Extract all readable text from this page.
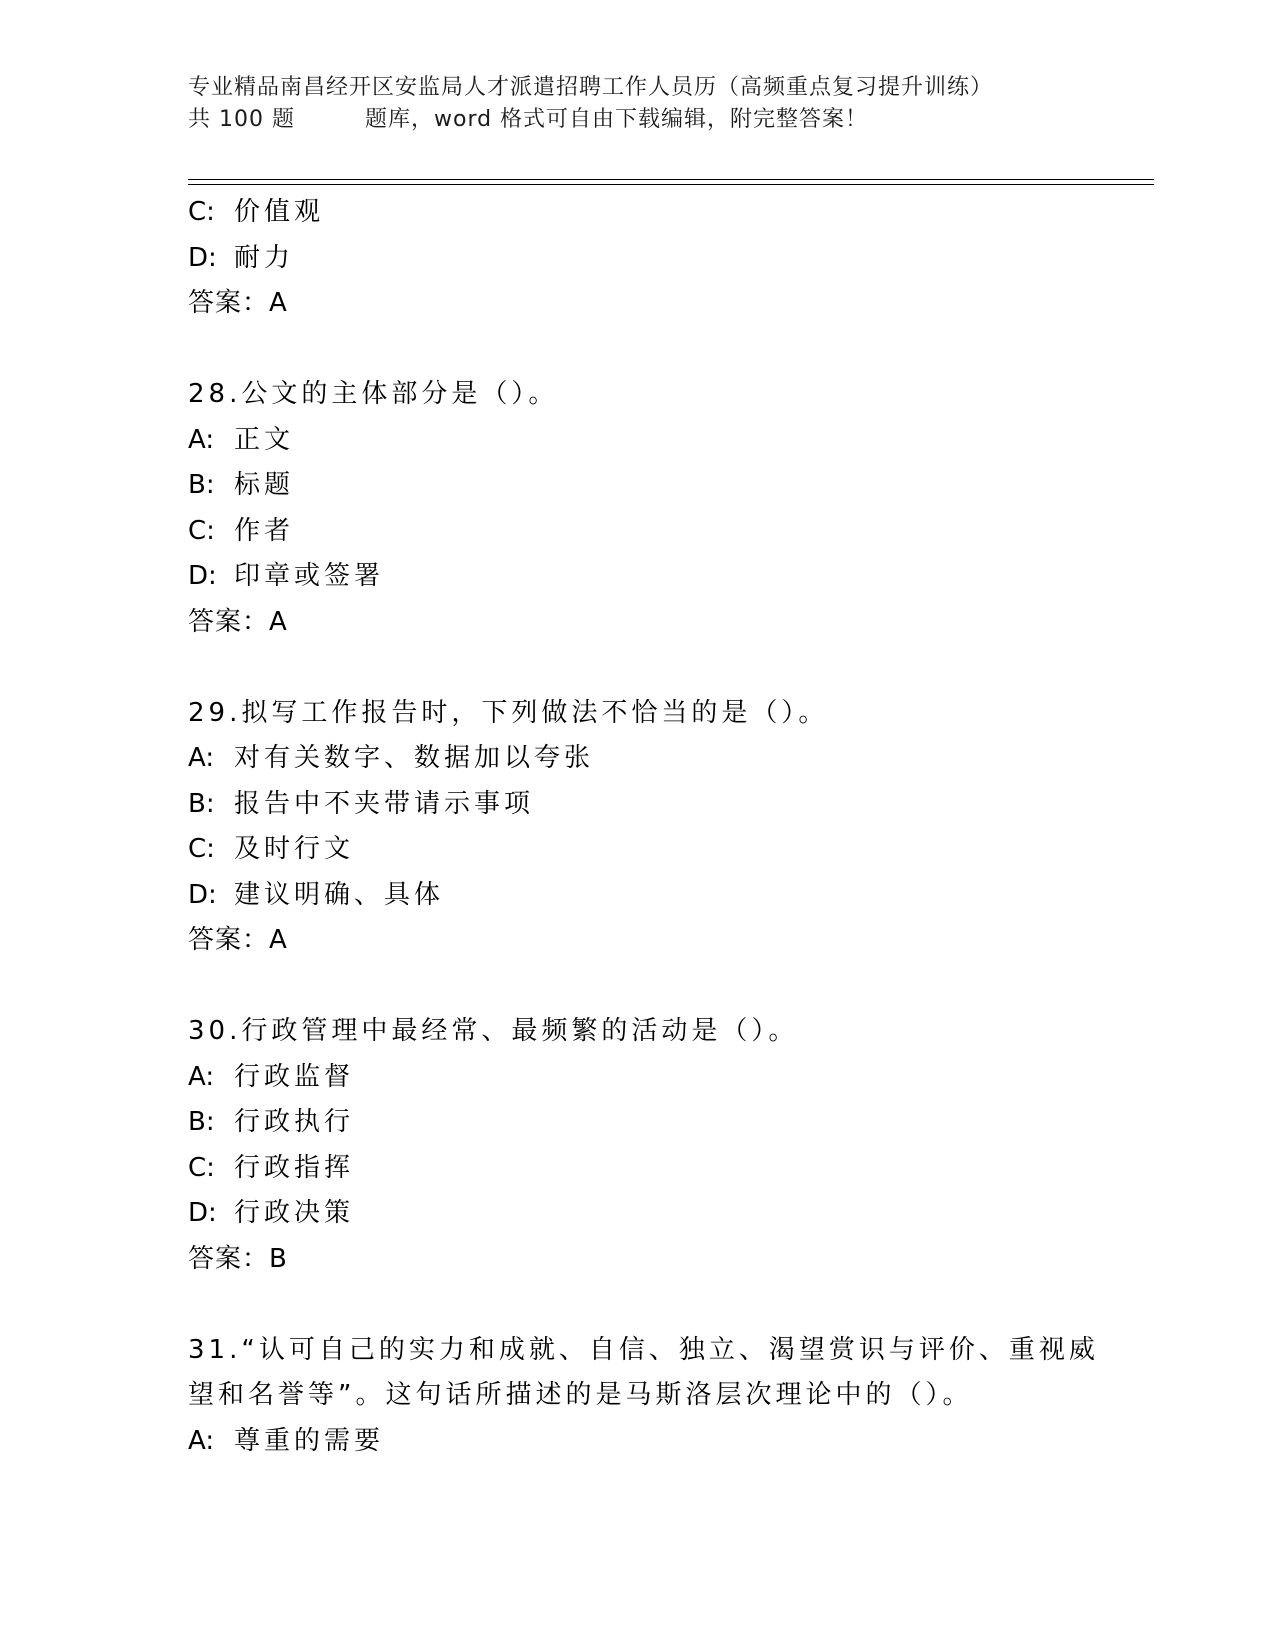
专业精品南昌经开区安监局人才派遣招聘工作人员历（高频重点复习提升训练）
共 100 题	题库，word 格式可自由下载编辑，附完整答案！
C: 价值观
D: 耐力
答案：A
28.公文的主体部分是（）。
A: 正文
B: 标题
C: 作者
D: 印章或签署
答案：A
29.拟写工作报告时，下列做法不恰当的是（）。
A: 对有关数字、数据加以夸张
B: 报告中不夹带请示事项
C: 及时行文
D: 建议明确、具体
答案：A
30.行政管理中最经常、最频繁的活动是（）。
A: 行政监督
B: 行政执行
C: 行政指挥
D: 行政决策
答案：B
31.“认可自己的实力和成就、自信、独立、渴望赏识与评价、重视威
望和名誉等”。这句话所描述的是马斯洛层次理论中的（）。
A: 尊重的需要
